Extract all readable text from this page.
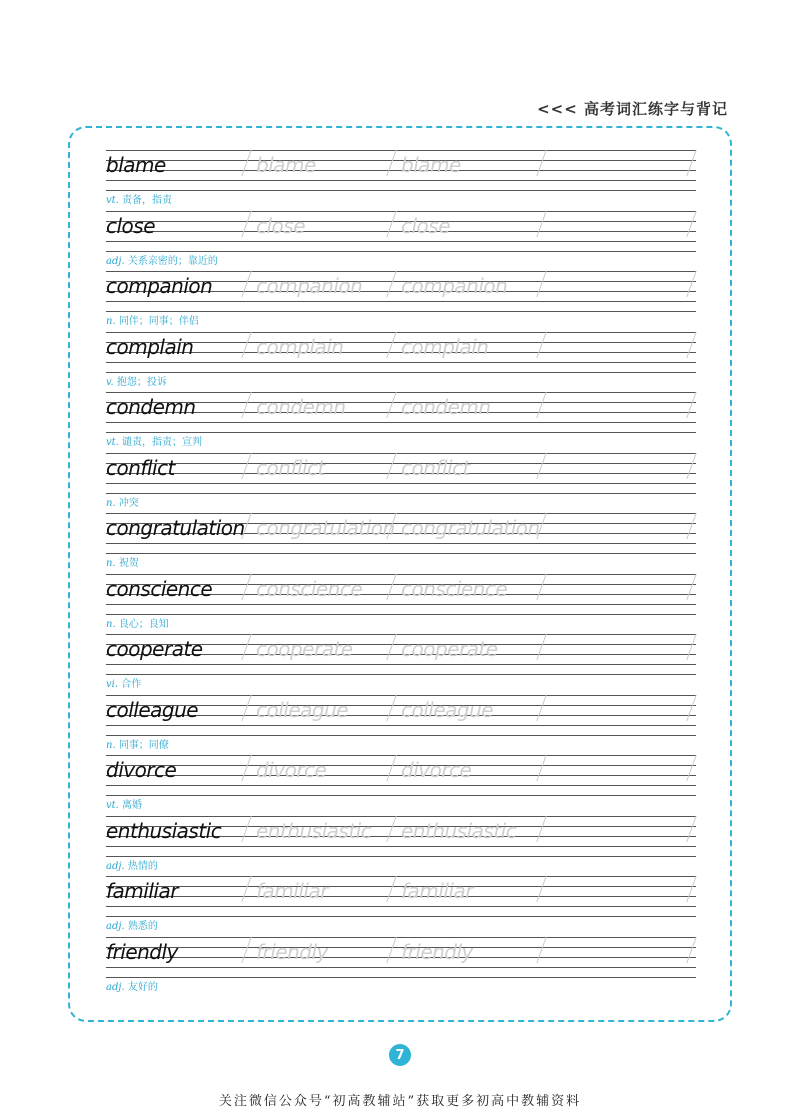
<<< 高考词汇练字与背记
blame	blame	blame
vt. 责备，指责
close	close	close
adj. 关系亲密的；靠近的
companion companion companion
n. 同伴；同事；伴侣
complain	complain	complain
v. 抱怨；投诉
condemn	condemn	condemn
vt. 谴责，指责；宣判
conflict	conflict	conflict
n. 冲突
congratulation congratulation congratulation
n. 祝贺
conscience conscience conscience
n. 良心；良知
cooperate	cooperate cooperate
vi. 合作
colleague	colleague	colleague
n. 同事；同僚
divorce	divorce	divorce
vt. 离婚
enthusiastic enthusiastic enthusiastic
adj. 热情的
familiar	familiar	familiar
adj. 熟悉的
friendly	friendly	friendly
adj. 友好的
7
关注微信公众号“初高教辅站”获取更多初高中教辅资料
